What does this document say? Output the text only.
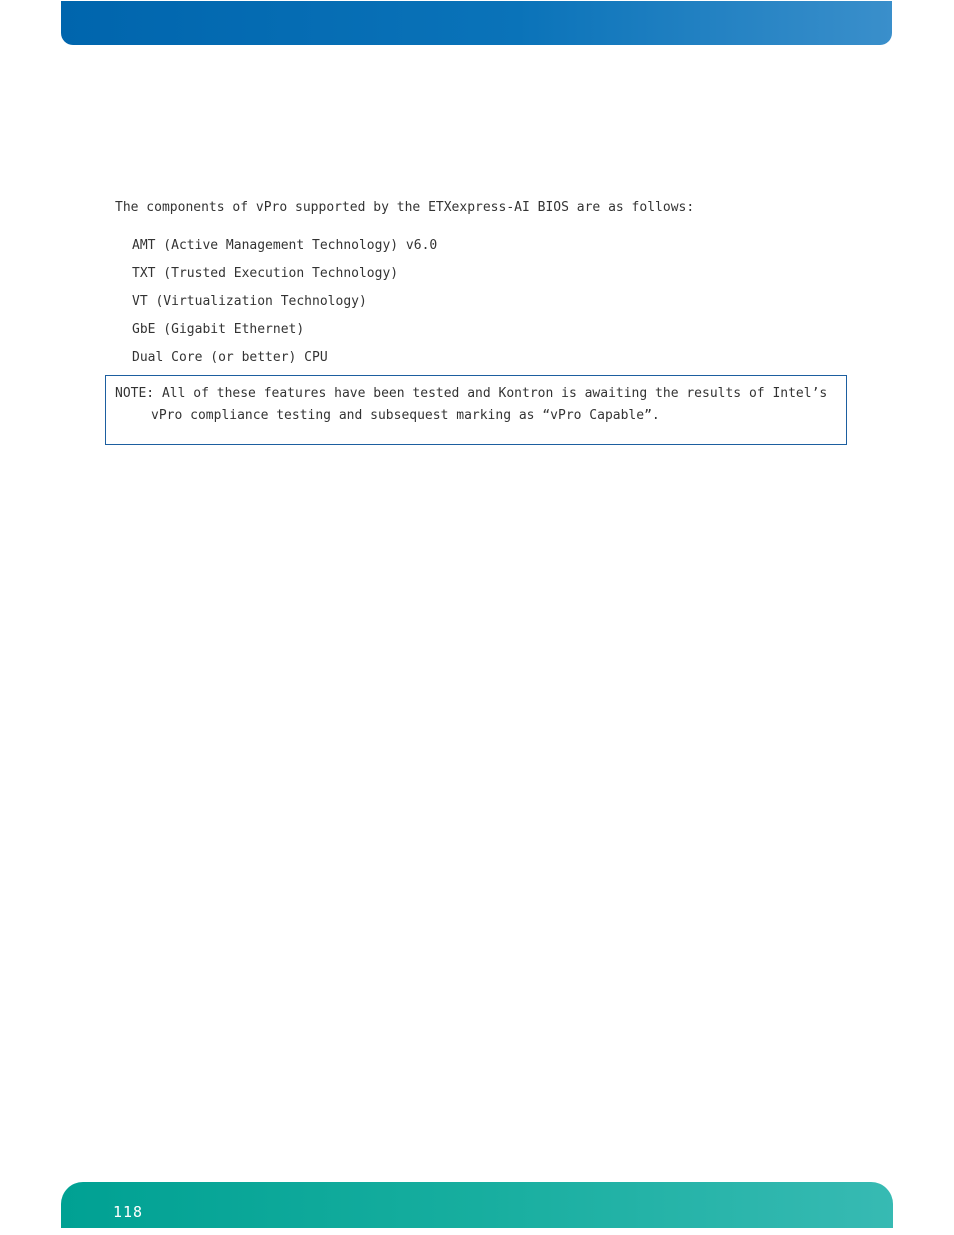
The components of vPro supported by the ETXexpress-AI BIOS are as follows:
AMT (Active Management Technology) v6.0
TXT (Trusted Execution Technology)
VT (Virtualization Technology)
GbE (Gigabit Ethernet)
Dual Core (or better) CPU
NOTE: All of these features have been tested and Kontron is awaiting the results of Intel’s vPro compliance testing and subsequest marking as “vPro Capable”.
118
